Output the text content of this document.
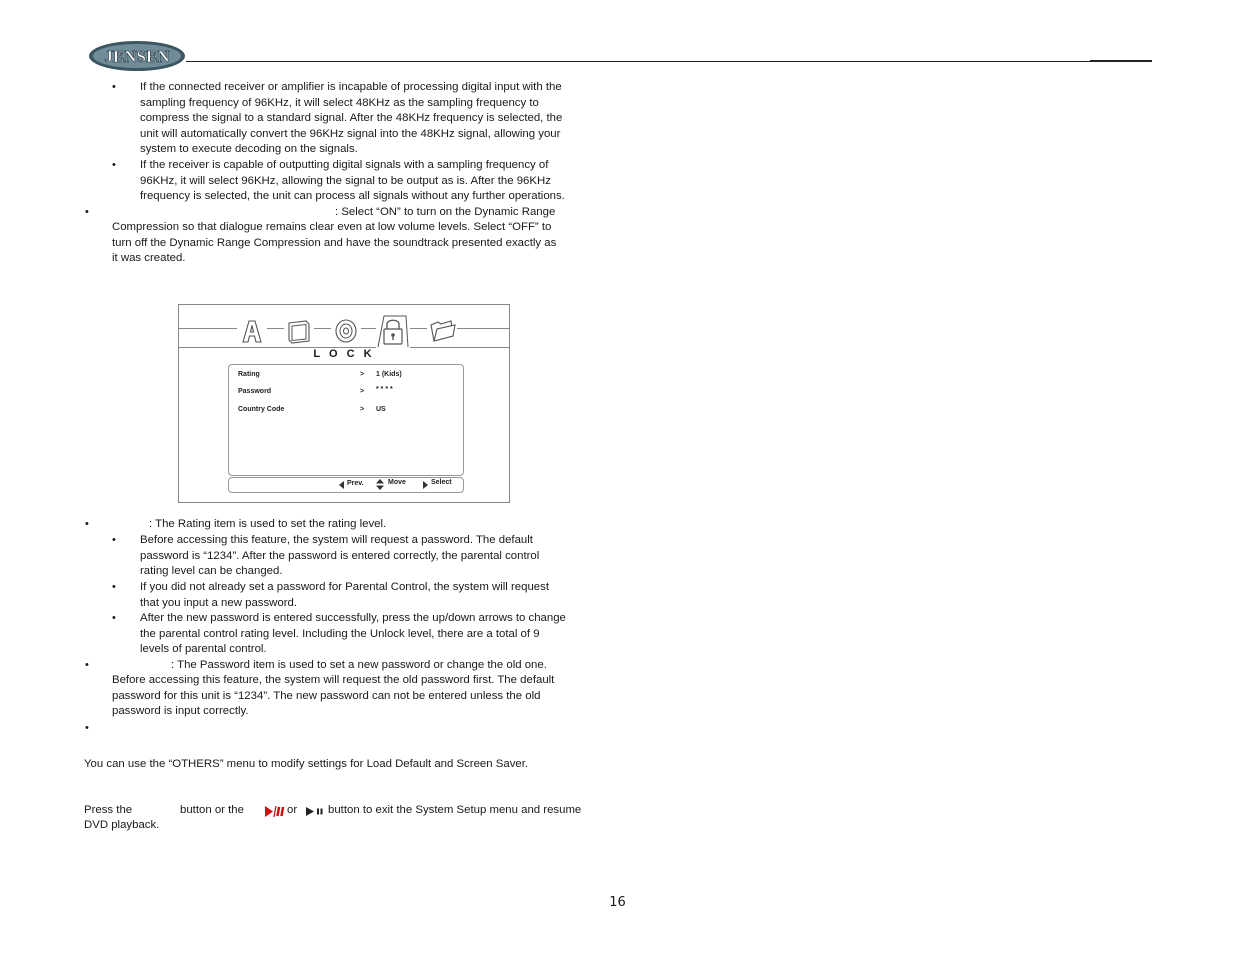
JENSEN
• If the connected receiver or amplifier is incapable of processing digital input with the
sampling frequency of 96KHz, it will select 48KHz as the sampling frequency to
compress the signal to a standard signal. After the 48KHz frequency is selected, the
unit will automatically convert the 96KHz signal into the 48KHz signal, allowing your
system to execute decoding on the signals.
• If the receiver is capable of outputting digital signals with a sampling frequency of
96KHz, it will select 96KHz, allowing the signal to be output as is. After the 96KHz
frequency is selected, the unit can process all signals without any further operations.
•	: Select “ON” to turn on the Dynamic Range
Compression so that dialogue remains clear even at low volume levels. Select “OFF” to
turn off the Dynamic Range Compression and have the soundtrack presented exactly as
it was created.
L O C K
Rating	> 1 (Kids)
Password	> * * * *
Country Code	> US
Prev.	Move	Select
•	: The Rating item is used to set the rating level.
• Before accessing this feature, the system will request a password. The default
password is “1234”. After the password is entered correctly, the parental control
rating level can be changed.
• If you did not already set a password for Parental Control, the system will request
that you input a new password.
• After the new password is entered successfully, press the up/down arrows to change
the parental control rating level. Including the Unlock level, there are a total of 9
levels of parental control.
•	: The Password item is used to set a new password or change the old one.
Before accessing this feature, the system will request the old password first. The default
password for this unit is “1234”. The new password can not be entered unless the old
password is input correctly.
•
You can use the “OTHERS” menu to modify settings for Load Default and Screen Saver.
Press the	button or the	or	button to exit the System Setup menu and resume
DVD playback.
16
